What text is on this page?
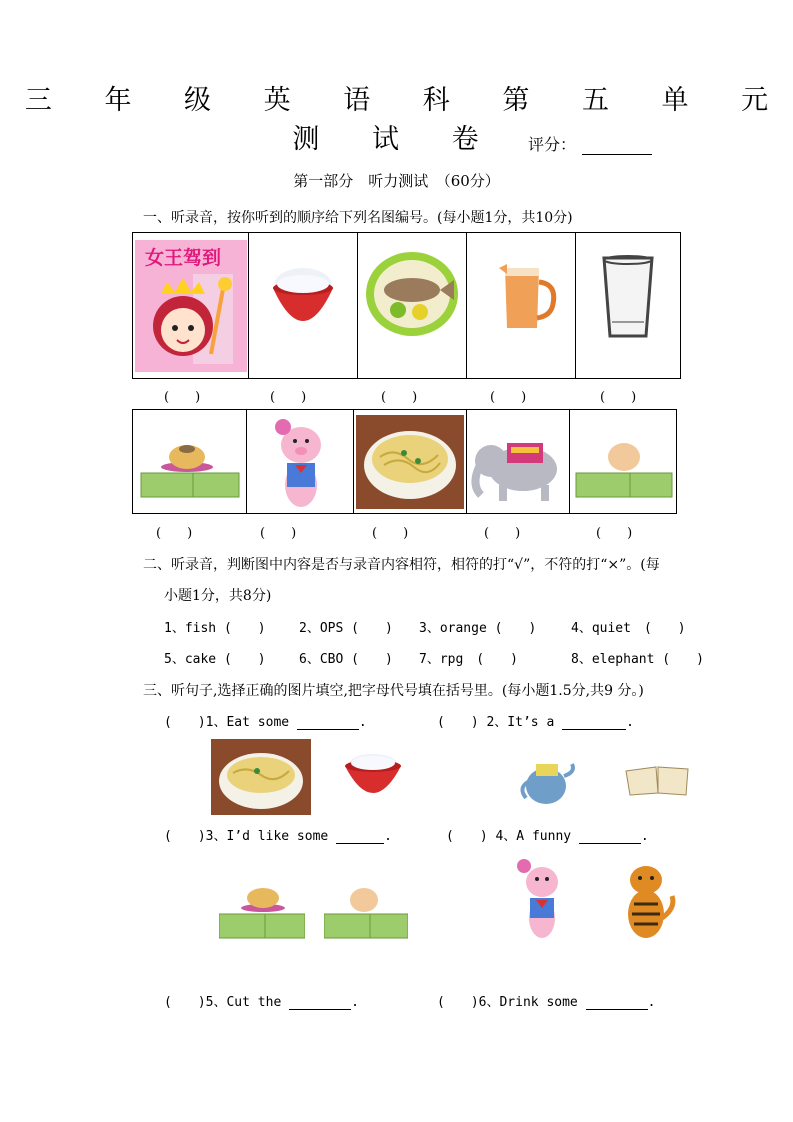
三 年 级 英 语 科 第 五 单 元 测 试 卷	评分：
第一部分　听力测试　（60分）
一、听录音，按你听到的顺序给下列名图编号。(每小题1分，共10分)
女王驾到

(　　)	(　　)	(　　)	(　　)	(　　)

(　　)	(　　)	(　　)	(　　)	(　　)
二、听录音，判断图中内容是否与录音内容相符，相符的打“√”，不符的打“×”。(每
小题1分，共8分)
1、fish (　　)	2、OPS (　　) 3、orange (　　)	4、quiet　(　　)
5、cake (　　)	6、CBO (　　) 7、rpg　(　　)	8、elephant (　　)
三、听句子,选择正确的图片填空,把字母代号填在括号里。(每小题1.5分,共9 分。)
(　　)1、Eat some	.	(　　) 2、It’s a	.
(　　)3、I’d like some	.	(　　) 4、A funny	.
(　　)5、Cut the	.	(　　)6、Drink some	.
